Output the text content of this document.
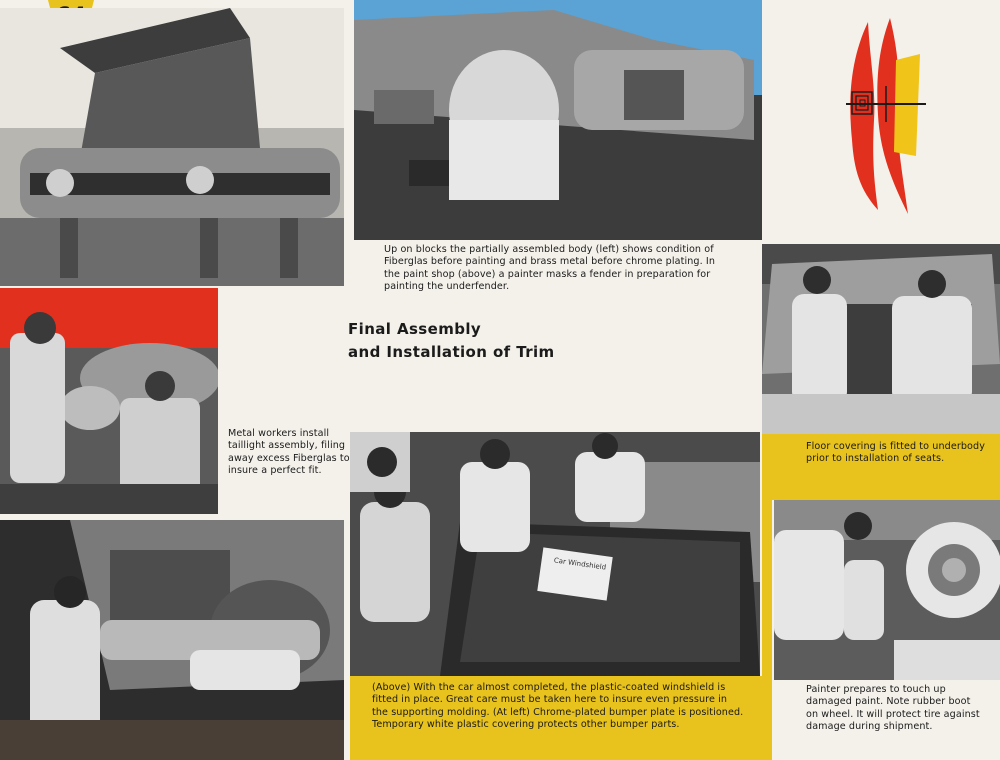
Up on blocks the partially assembled body (left) shows condition of Fiberglas before painting and brass metal before chrome plating. In the paint shop (above) a painter masks a fender in preparation for painting the underfender.
Final Assembly
and Installation of Trim
Metal workers install taillight assembly, filing away excess Fiberglas to insure a perfect fit.
Floor covering is fitted to underbody prior to installation of seats.
Car Windshield
(Above) With the car almost completed, the plastic-coated windshield is fitted in place. Great care must be taken here to insure even pressure in the supporting molding. (At left) Chrome-plated bumper plate is positioned. Temporary white plastic covering protects other bumper parts.
Painter prepares to touch up damaged paint. Note rubber boot on wheel. It will protect tire against damage during shipment.
